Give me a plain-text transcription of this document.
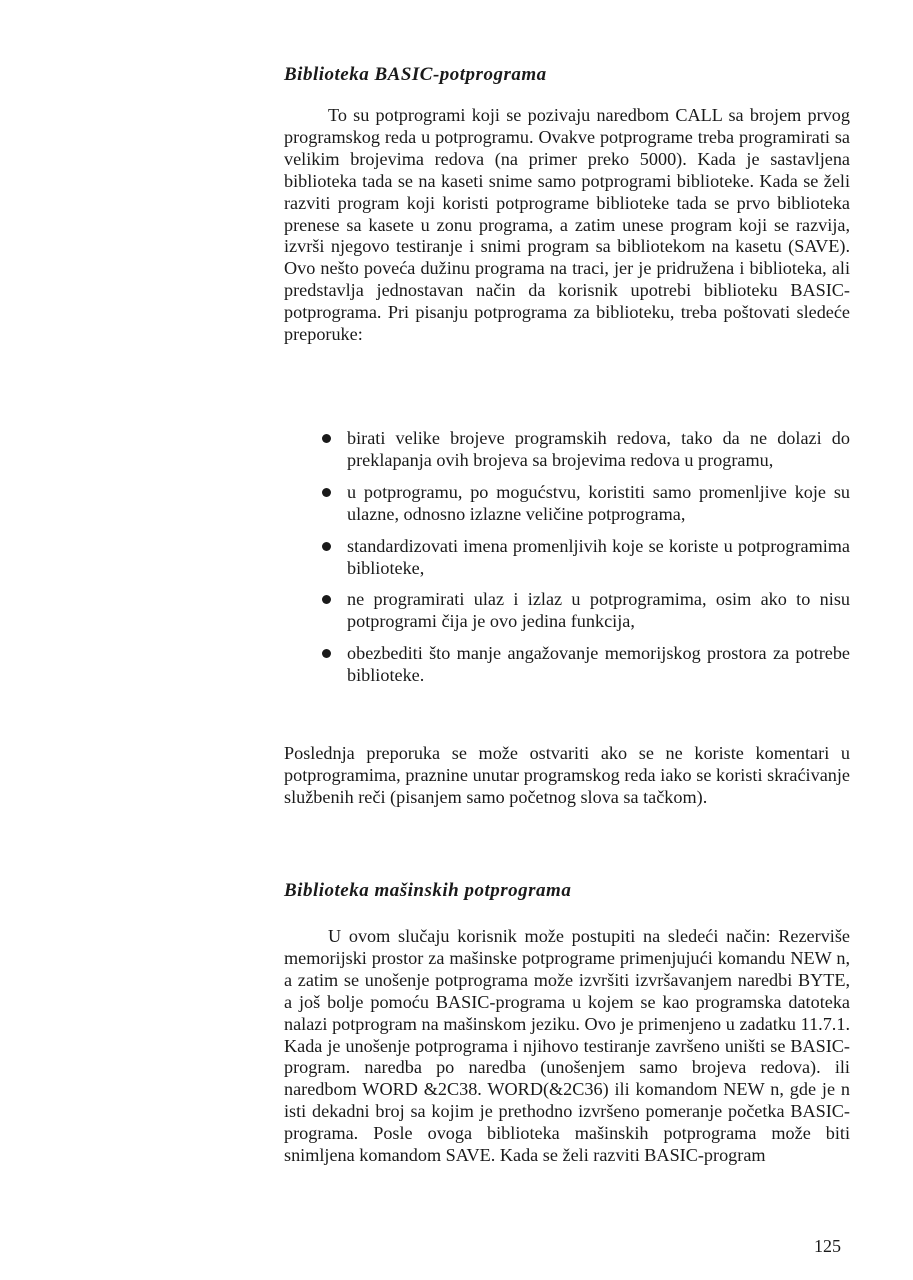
Biblioteka BASIC-potprograma

To su potprogrami koji se pozivaju naredbom CALL sa brojem prvog programskog reda u potprogramu. Ovakve potprograme treba programirati sa velikim brojevima redova (na primer preko 5000). Kada je sastavljena biblioteka tada se na kaseti snime samo potprogrami biblioteke. Kada se želi razviti program koji koristi potprograme biblioteke tada se prvo biblioteka prenese sa kasete u zonu programa, a zatim unese program koji se razvija, izvrši njegovo testiranje i snimi program sa bibliotekom na kasetu (SAVE). Ovo nešto poveća dužinu programa na traci, jer je pridružena i biblioteka, ali predstavlja jednostavan način da korisnik upotrebi biblioteku BASIC-potprograma. Pri pisanju potprograma za biblioteku, treba poštovati sledeće preporuke:

birati velike brojeve programskih redova, tako da ne dolazi do preklapanja ovih brojeva sa brojevima redova u programu,
u potprogramu, po mogućstvu, koristiti samo promenljive koje su ulazne, odnosno izlazne veličine potprograma,
standardizovati imena promenljivih koje se koriste u potprogramima biblioteke,
ne programirati ulaz i izlaz u potprogramima, osim ako to nisu potprogrami čija je ovo jedina funkcija,
obezbediti što manje angažovanje memorijskog prostora za potrebe biblioteke.

Poslednja preporuka se može ostvariti ako se ne koriste komentari u potprogramima, praznine unutar programskog reda iako se koristi skraćivanje službenih reči (pisanjem samo početnog slova sa tačkom).

Biblioteka mašinskih potprograma

U ovom slučaju korisnik može postupiti na sledeći način: Rezerviše memorijski prostor za mašinske potprograme primenjujući komandu NEW n, a zatim se unošenje potprograma može izvršiti izvršavanjem naredbi BYTE, a još bolje pomoću BASIC-programa u kojem se kao programska datoteka nalazi potprogram na mašinskom jeziku. Ovo je primenjeno u zadatku 11.7.1. Kada je unošenje potprograma i njihovo testiranje završeno uništi se BASIC-program. naredba po naredba (unošenjem samo brojeva redova). ili naredbom WORD &2C38. WORD(&2C36) ili komandom NEW n, gde je n isti dekadni broj sa kojim je prethodno izvršeno pomeranje početka BASIC-programa. Posle ovoga biblioteka mašinskih potprograma može biti snimljena komandom SAVE. Kada se želi razviti BASIC-program

125
